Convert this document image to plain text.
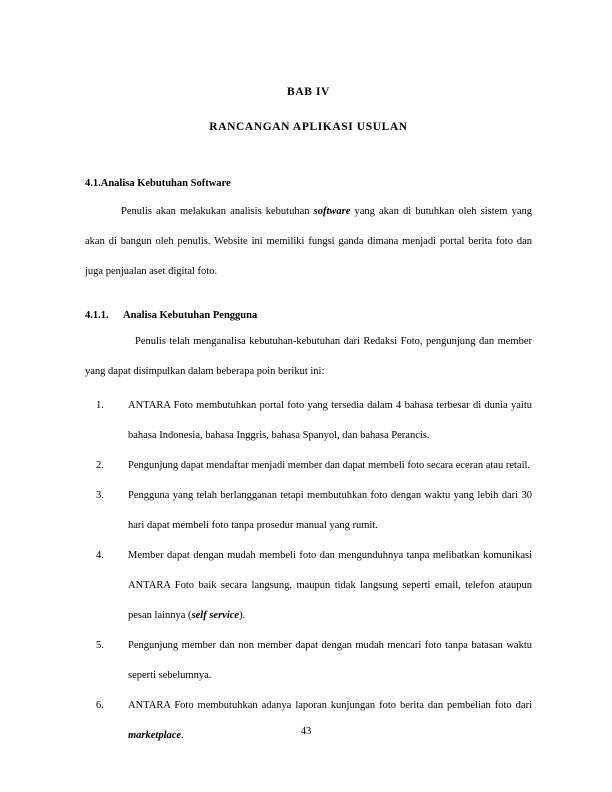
BAB IV
RANCANGAN APLIKASI USULAN
4.1.Analisa Kebutuhan Software

Penulis akan melakukan analisis kebutuhan software yang akan di butuhkan oleh sistem yang akan di bangun oleh penulis. Website ini memiliki fungsi ganda dimana menjadi portal berita foto dan juga penjualan aset digital foto.

4.1.1.	Analisa Kebutuhan Pengguna

Penulis telah menganalisa kebutuhan-kebutuhan dari Redaksi Foto, pengunjung dan member yang dapat disimpulkan dalam beberapa poin berikut ini:

1.	ANTARA Foto membutuhkan portal foto yang tersedia dalam 4 bahasa terbesar di dunia yaitu bahasa Indonesia, bahasa Inggris, bahasa Spanyol, dan bahasa Perancis.
2.	Pengunjung dapat mendaftar menjadi member dan dapat membeli foto secara eceran atau retail.
3.	Pengguna yang telah berlangganan tetapi membutuhkan foto dengan waktu yang lebih dari 30 hari dapat membeli foto tanpa prosedur manual yang rumit.
4.	Member dapat dengan mudah membeli foto dan mengunduhnya tanpa melibatkan komunikasi ANTARA Foto baik secara langsung, maupun tidak langsung seperti email, telefon ataupun pesan lainnya (self service).
5.	Pengunjung member dan non member dapat dengan mudah mencari foto tanpa batasan waktu seperti sebelumnya.
6.	ANTARA Foto membutuhkan adanya laporan kunjungan foto berita dan pembelian foto dari marketplace.	43
